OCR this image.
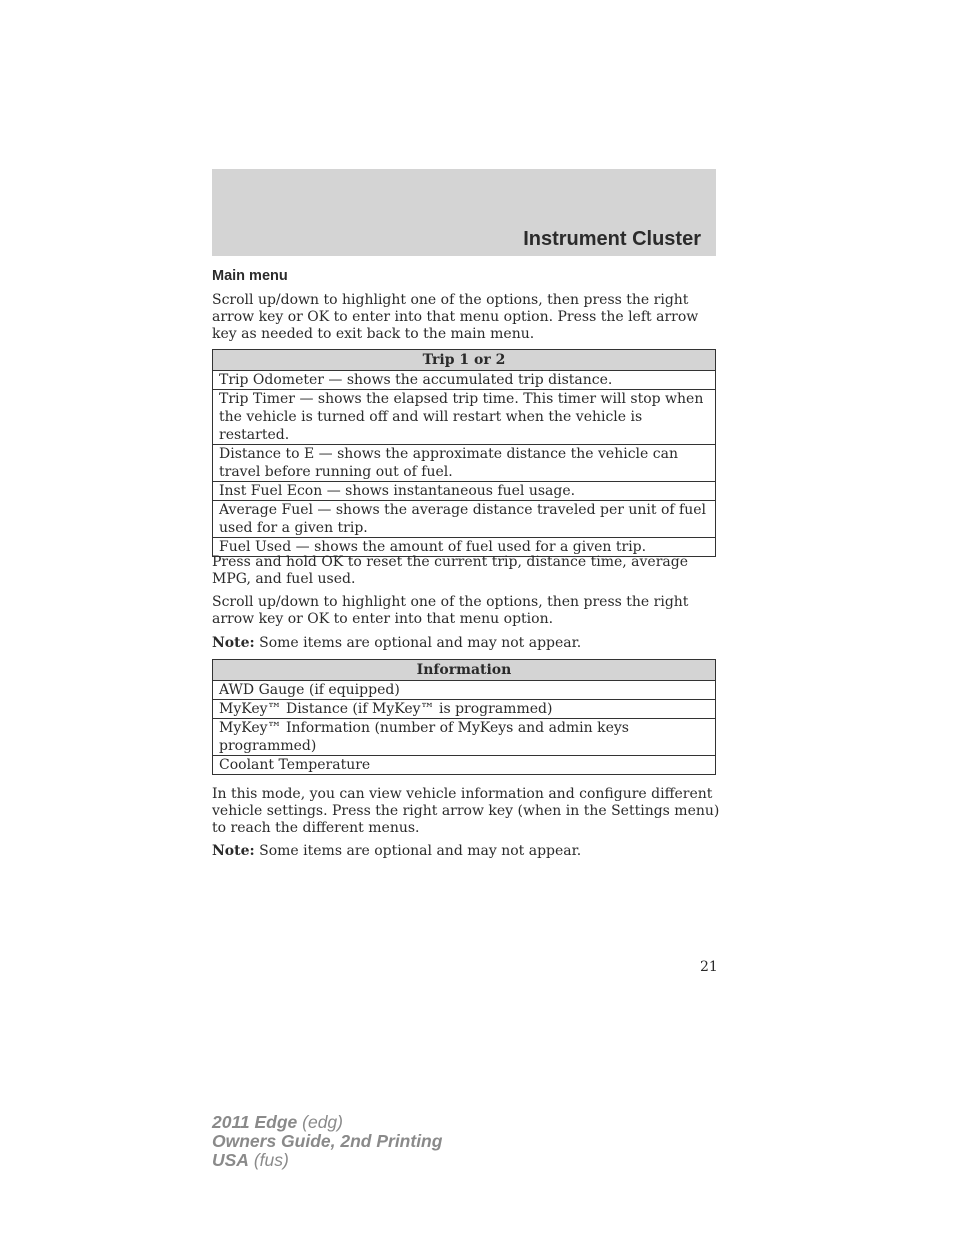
Instrument Cluster
Main menu

Scroll up/down to highlight one of the options, then press the right arrow key or OK to enter into that menu option. Press the left arrow key as needed to exit back to the main menu.

Trip 1 or 2
Trip Odometer — shows the accumulated trip distance.
Trip Timer — shows the elapsed trip time. This timer will stop when the vehicle is turned off and will restart when the vehicle is restarted.
Distance to E — shows the approximate distance the vehicle can travel before running out of fuel.
Inst Fuel Econ — shows instantaneous fuel usage.
Average Fuel — shows the average distance traveled per unit of fuel used for a given trip.
Fuel Used — shows the amount of fuel used for a given trip.

Press and hold OK to reset the current trip, distance time, average MPG, and fuel used.

Scroll up/down to highlight one of the options, then press the right arrow key or OK to enter into that menu option.

Note: Some items are optional and may not appear.

Information
AWD Gauge (if equipped)
MyKey™ Distance (if MyKey™ is programmed)
MyKey™ Information (number of MyKeys and admin keys programmed)
Coolant Temperature

In this mode, you can view vehicle information and configure different vehicle settings. Press the right arrow key (when in the Settings menu) to reach the different menus.

Note: Some items are optional and may not appear.

21
2011 Edge (edg)
Owners Guide, 2nd Printing
USA (fus)
